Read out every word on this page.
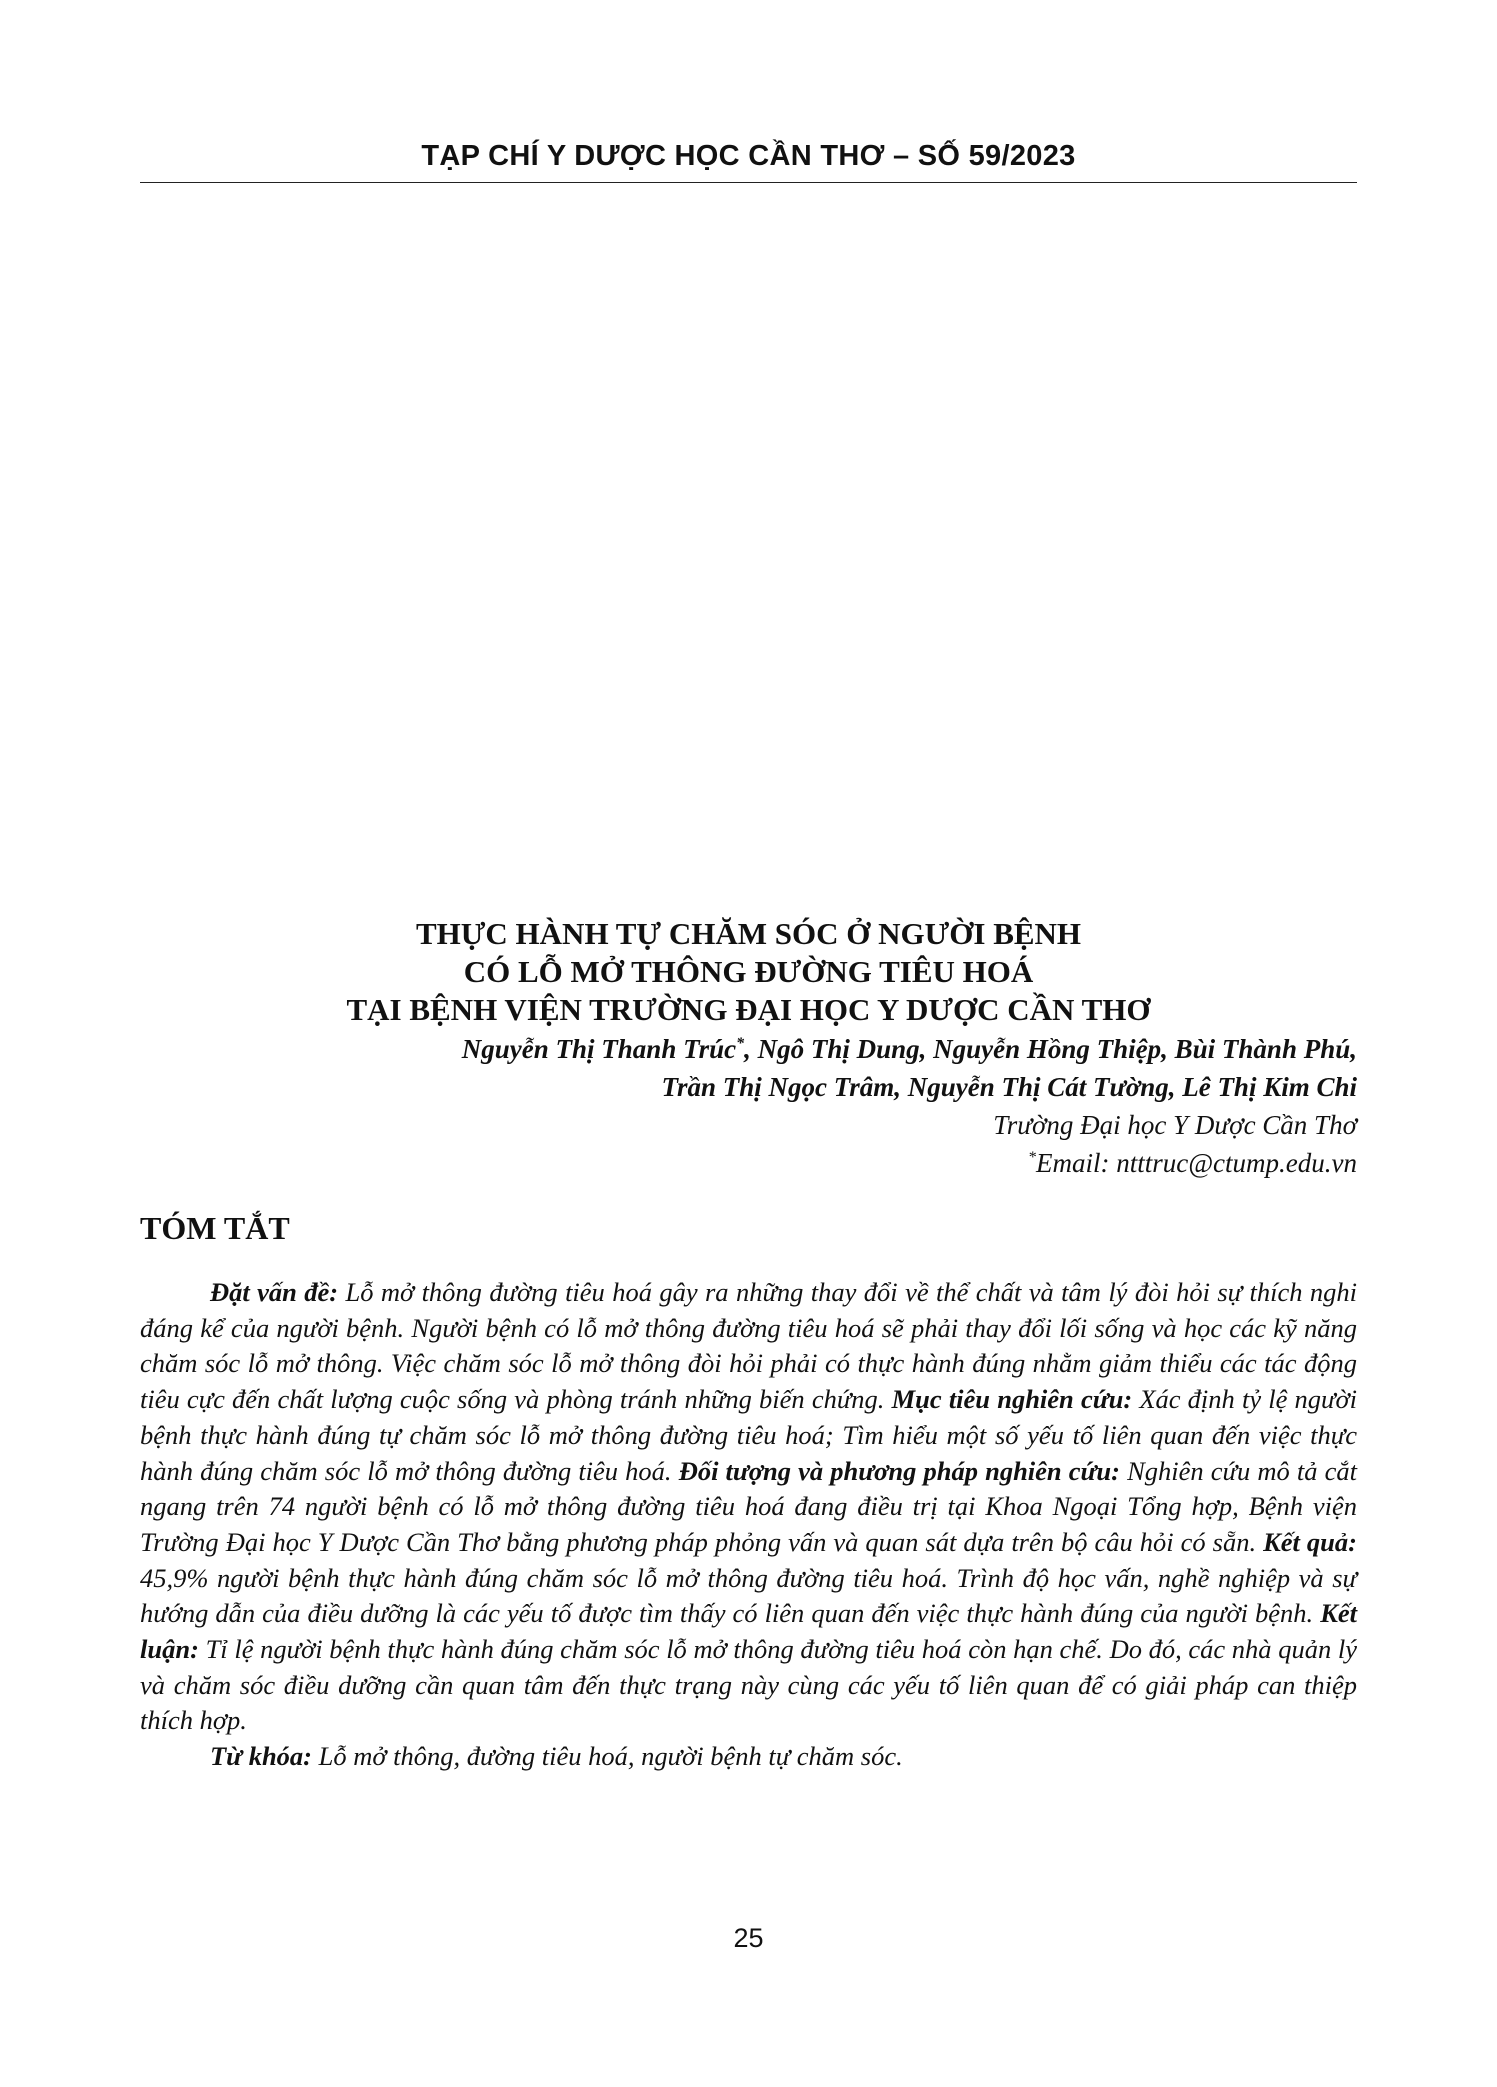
TẠP CHÍ Y DƯỢC HỌC CẦN THƠ – SỐ 59/2023
THỰC HÀNH TỰ CHĂM SÓC Ở NGƯỜI BỆNH
CÓ LỖ MỞ THÔNG ĐƯỜNG TIÊU HOÁ
TẠI BỆNH VIỆN TRƯỜNG ĐẠI HỌC Y DƯỢC CẦN THƠ
Nguyễn Thị Thanh Trúc*, Ngô Thị Dung, Nguyễn Hồng Thiệp, Bùi Thành Phú,
Trần Thị Ngọc Trâm, Nguyễn Thị Cát Tường, Lê Thị Kim Chi
Trường Đại học Y Dược Cần Thơ
*Email: ntttruc@ctump.edu.vn
TÓM TẮT

Đặt vấn đề: Lỗ mở thông đường tiêu hoá gây ra những thay đổi về thể chất và tâm lý đòi hỏi sự thích nghi đáng kể của người bệnh. Người bệnh có lỗ mở thông đường tiêu hoá sẽ phải thay đổi lối sống và học các kỹ năng chăm sóc lỗ mở thông. Việc chăm sóc lỗ mở thông đòi hỏi phải có thực hành đúng nhằm giảm thiểu các tác động tiêu cực đến chất lượng cuộc sống và phòng tránh những biến chứng. Mục tiêu nghiên cứu: Xác định tỷ lệ người bệnh thực hành đúng tự chăm sóc lỗ mở thông đường tiêu hoá; Tìm hiểu một số yếu tố liên quan đến việc thực hành đúng chăm sóc lỗ mở thông đường tiêu hoá. Đối tượng và phương pháp nghiên cứu: Nghiên cứu mô tả cắt ngang trên 74 người bệnh có lỗ mở thông đường tiêu hoá đang điều trị tại Khoa Ngoại Tổng hợp, Bệnh viện Trường Đại học Y Dược Cần Thơ bằng phương pháp phỏng vấn và quan sát dựa trên bộ câu hỏi có sẵn. Kết quả: 45,9% người bệnh thực hành đúng chăm sóc lỗ mở thông đường tiêu hoá. Trình độ học vấn, nghề nghiệp và sự hướng dẫn của điều dưỡng là các yếu tố được tìm thấy có liên quan đến việc thực hành đúng của người bệnh. Kết luận: Tỉ lệ người bệnh thực hành đúng chăm sóc lỗ mở thông đường tiêu hoá còn hạn chế. Do đó, các nhà quản lý và chăm sóc điều dưỡng cần quan tâm đến thực trạng này cùng các yếu tố liên quan để có giải pháp can thiệp thích hợp.

Từ khóa: Lỗ mở thông, đường tiêu hoá, người bệnh tự chăm sóc.

25
